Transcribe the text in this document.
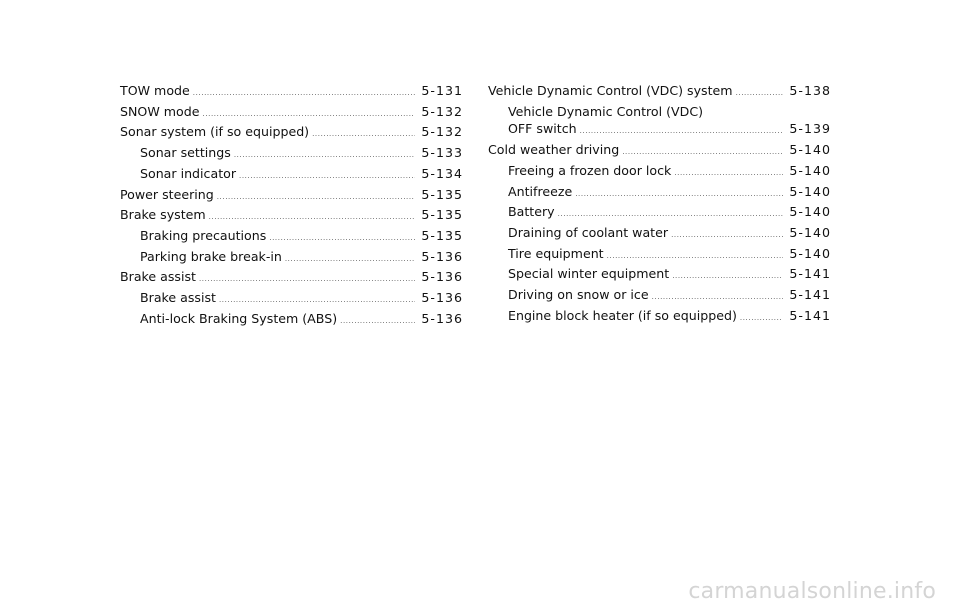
TOW mode .....	5-131
SNOW mode .....	5-132
Sonar system (if so equipped) .....	5-132
Sonar settings .....	5-133
Sonar indicator .....	5-134
Power steering .....	5-135
Brake system .....	5-135
Braking precautions .....	5-135
Parking brake break-in .....	5-136
Brake assist .....	5-136
Brake assist .....	5-136
Anti-lock Braking System (ABS) .....	5-136
Vehicle Dynamic Control (VDC) system .....	5-138
Vehicle Dynamic Control (VDC)
OFF switch .....	5-139
Cold weather driving .....	5-140
Freeing a frozen door lock .....	5-140
Antifreeze .....	5-140
Battery .....	5-140
Draining of coolant water .....	5-140
Tire equipment .....	5-140
Special winter equipment .....	5-141
Driving on snow or ice .....	5-141
Engine block heater (if so equipped) .....	5-141
carmanualsonline.info
